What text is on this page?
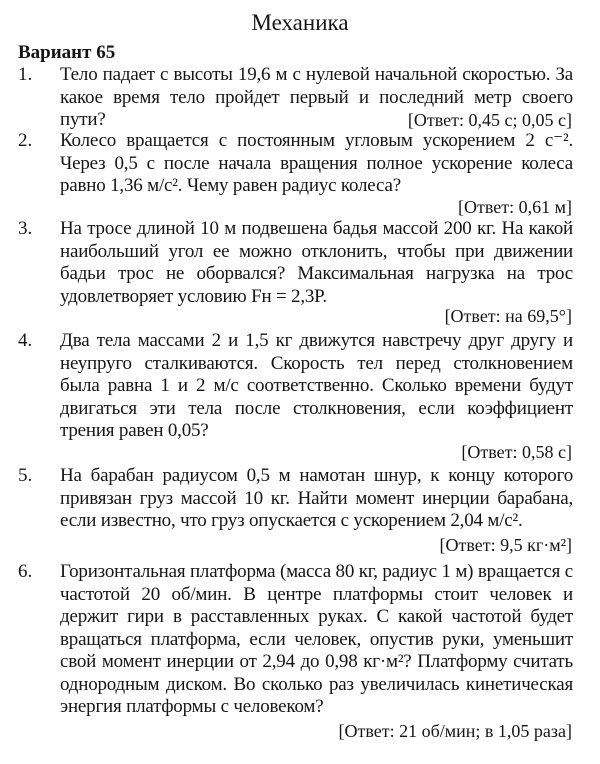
Механика
Вариант 65
1. Тело падает с высоты 19,6 м с нулевой начальной скоростью. За какое время тело пройдет первый и последний метр своего пути?	[Ответ: 0,45 с; 0,05 с]
2. Колесо вращается с постоянным угловым ускорением 2 с⁻². Через 0,5 с после начала вращения полное ускорение колеса равно 1,36 м/с². Чему равен радиус колеса?
[Ответ: 0,61 м]
3. На тросе длиной 10 м подвешена бадья массой 200 кг. На какой наибольший угол ее можно отклонить, чтобы при движении бадьи трос не оборвался? Максимальная нагрузка на трос удовлетворяет условию Fн = 2,3P.
[Ответ: на 69,5°]
4. Два тела массами 2 и 1,5 кг движутся навстречу друг другу и неупруго сталкиваются. Скорость тел перед столкновением была равна 1 и 2 м/с соответственно. Сколько времени будут двигаться эти тела после столкновения, если коэффициент трения равен 0,05?
[Ответ: 0,58 с]
5. На барабан радиусом 0,5 м намотан шнур, к концу которого привязан груз массой 10 кг. Найти момент инерции барабана, если известно, что груз опускается с ускорением 2,04 м/с².
[Ответ: 9,5 кг·м²]
6. Горизонтальная платформа (масса 80 кг, радиус 1 м) вращается с частотой 20 об/мин. В центре платформы стоит человек и держит гири в расставленных руках. С какой частотой будет вращаться платформа, если человек, опустив руки, уменьшит свой момент инерции от 2,94 до 0,98 кг·м²? Платформу считать однородным диском. Во сколько раз увеличилась кинетическая энергия платформы с человеком?
[Ответ: 21 об/мин; в 1,05 раза]
